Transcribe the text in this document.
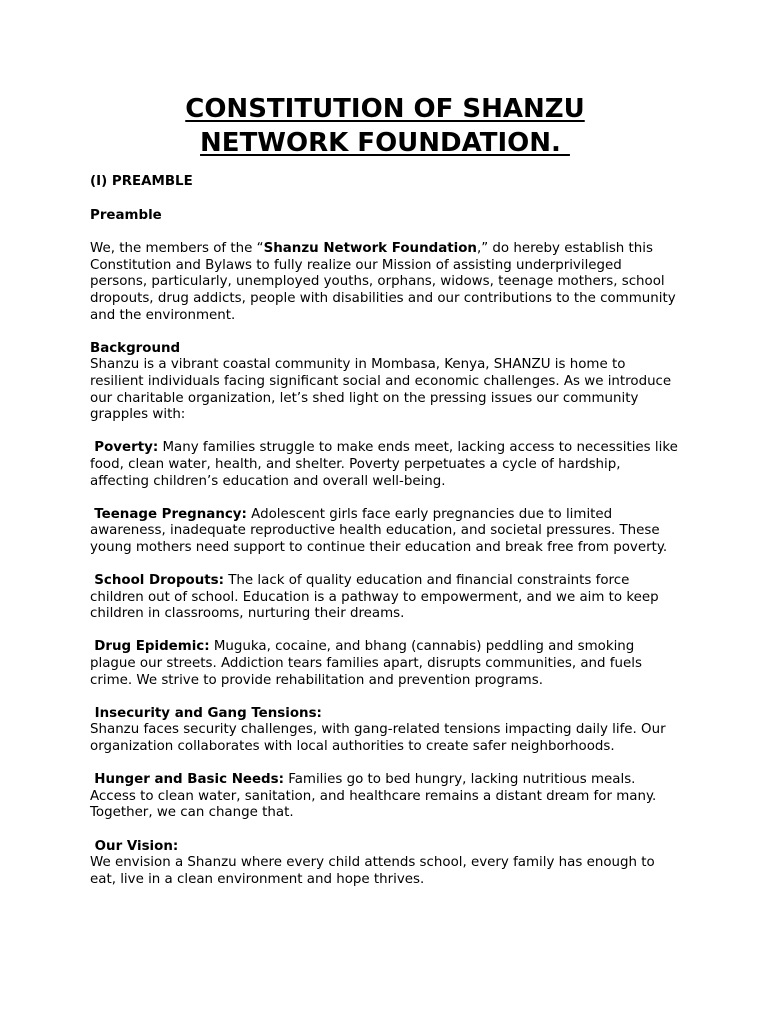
CONSTITUTION OF SHANZU
NETWORK FOUNDATION.
(I) PREAMBLE
Preamble

We, the members of the “Shanzu Network Foundation,” do hereby establish this Constitution and Bylaws to fully realize our Mission of assisting underprivileged persons, particularly, unemployed youths, orphans, widows, teenage mothers, school dropouts, drug addicts, people with disabilities and our contributions to the community and the environment.

Background
Shanzu is a vibrant coastal community in Mombasa, Kenya, SHANZU is home to resilient individuals facing significant social and economic challenges. As we introduce our charitable organization, let’s shed light on the pressing issues our community grapples with:

Poverty: Many families struggle to make ends meet, lacking access to necessities like food, clean water, health, and shelter. Poverty perpetuates a cycle of hardship, affecting children’s education and overall well-being.

Teenage Pregnancy: Adolescent girls face early pregnancies due to limited awareness, inadequate reproductive health education, and societal pressures. These young mothers need support to continue their education and break free from poverty.

School Dropouts: The lack of quality education and financial constraints force children out of school. Education is a pathway to empowerment, and we aim to keep children in classrooms, nurturing their dreams.

Drug Epidemic: Muguka, cocaine, and bhang (cannabis) peddling and smoking plague our streets. Addiction tears families apart, disrupts communities, and fuels crime. We strive to provide rehabilitation and prevention programs.

Insecurity and Gang Tensions:
Shanzu faces security challenges, with gang-related tensions impacting daily life. Our organization collaborates with local authorities to create safer neighborhoods.

Hunger and Basic Needs: Families go to bed hungry, lacking nutritious meals. Access to clean water, sanitation, and healthcare remains a distant dream for many. Together, we can change that.

Our Vision:
We envision a Shanzu where every child attends school, every family has enough to eat, live in a clean environment and hope thrives.
